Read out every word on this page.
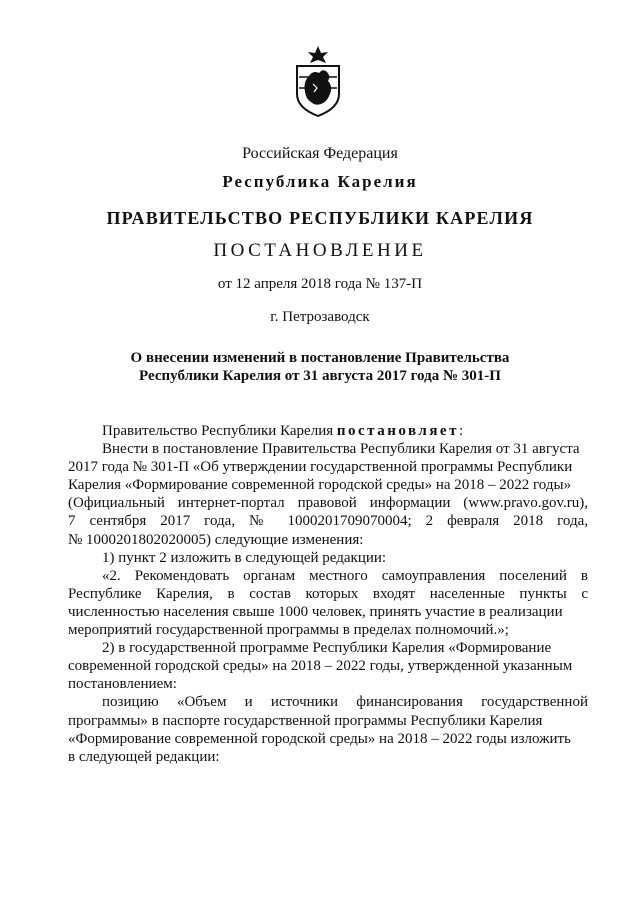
Российская Федерация
Республика Карелия
ПРАВИТЕЛЬСТВО РЕСПУБЛИКИ КАРЕЛИЯ
ПОСТАНОВЛЕНИЕ
от 12 апреля 2018 года № 137-П
г. Петрозаводск
О внесении изменений в постановление Правительства
Республики Карелия от 31 августа 2017 года № 301-П
Правительство Республики Карелия постановляет:
Внести в постановление Правительства Республики Карелия от 31 августа
2017 года № 301-П «Об утверждении государственной программы Республики
Карелия «Формирование современной городской среды» на 2018 – 2022 годы»
(Официальный интернет-портал правовой информации (www.pravo.gov.ru),
7 сентября 2017 года, № 1000201709070004; 2 февраля 2018 года,
№ 1000201802020005) следующие изменения:
1) пункт 2 изложить в следующей редакции:
«2. Рекомендовать органам местного самоуправления поселений в
Республике Карелия, в состав которых входят населенные пункты с
численностью населения свыше 1000 человек, принять участие в реализации
мероприятий государственной программы в пределах полномочий.»;
2) в государственной программе Республики Карелия «Формирование
современной городской среды» на 2018 – 2022 годы, утвержденной указанным
постановлением:
позицию «Объем и источники финансирования государственной
программы» в паспорте государственной программы Республики Карелия
«Формирование современной городской среды» на 2018 – 2022 годы изложить
в следующей редакции:
